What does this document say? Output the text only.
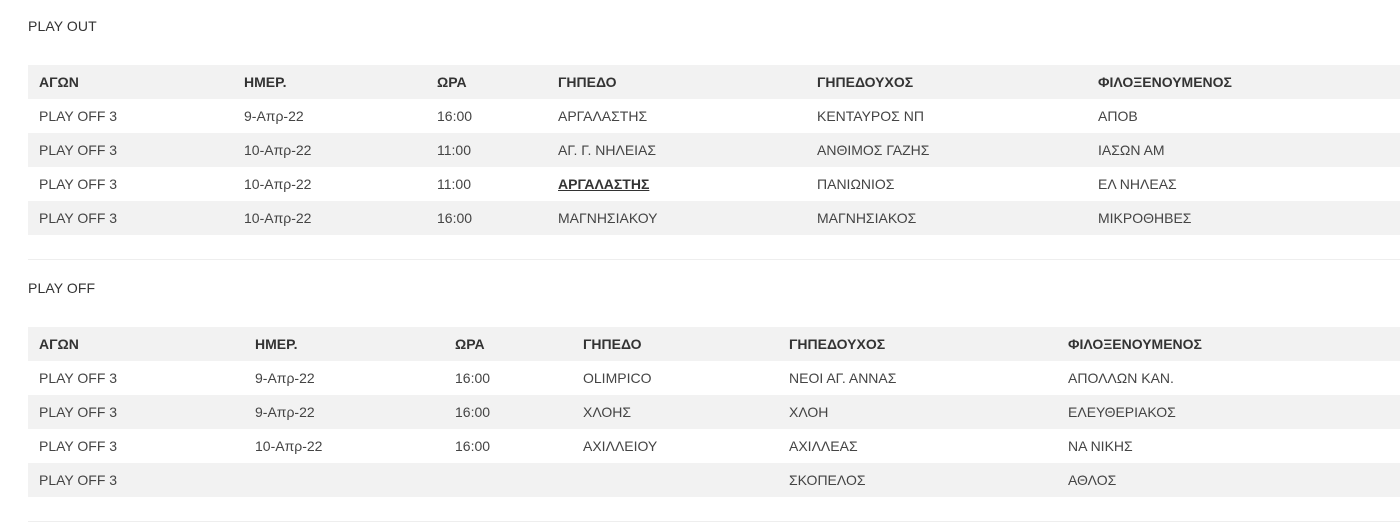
PLAY OUT
ΑΓΩΝ	ΗΜΕΡ.	ΩΡΑ	ΓΗΠΕΔΟ	ΓΗΠΕΔΟΥΧΟΣ	ΦΙΛΟΞΕΝΟΥΜΕΝΟΣ
PLAY OFF 3	9-Απρ-22	16:00	ΑΡΓΑΛΑΣΤΗΣ	ΚΕΝΤΑΥΡΟΣ ΝΠ	ΑΠΟΒ
PLAY OFF 3	10-Απρ-22	11:00	ΑΓ. Γ. ΝΗΛΕΙΑΣ	ΑΝΘΙΜΟΣ ΓΑΖΗΣ	ΙΑΣΩΝ ΑΜ
PLAY OFF 3	10-Απρ-22	11:00	ΑΡΓΑΛΑΣΤΗΣ	ΠΑΝΙΩΝΙΟΣ	ΕΛ ΝΗΛΕΑΣ
PLAY OFF 3	10-Απρ-22	16:00	ΜΑΓΝΗΣΙΑΚΟΥ	ΜΑΓΝΗΣΙΑΚΟΣ	ΜΙΚΡΟΘΗΒΕΣ
PLAY OFF
ΑΓΩΝ	ΗΜΕΡ.	ΩΡΑ	ΓΗΠΕΔΟ	ΓΗΠΕΔΟΥΧΟΣ	ΦΙΛΟΞΕΝΟΥΜΕΝΟΣ
PLAY OFF 3	9-Απρ-22	16:00	OLIMPICO	ΝΕΟΙ ΑΓ. ΑΝΝΑΣ	ΑΠΟΛΛΩΝ ΚΑΝ.
PLAY OFF 3	9-Απρ-22	16:00	ΧΛΟΗΣ	ΧΛΟΗ	ΕΛΕΥΘΕΡΙΑΚΟΣ
PLAY OFF 3	10-Απρ-22	16:00	ΑΧΙΛΛΕΙΟΥ	ΑΧΙΛΛΕΑΣ	ΝΑ ΝΙΚΗΣ
PLAY OFF 3				ΣΚΟΠΕΛΟΣ	ΑΘΛΟΣ
